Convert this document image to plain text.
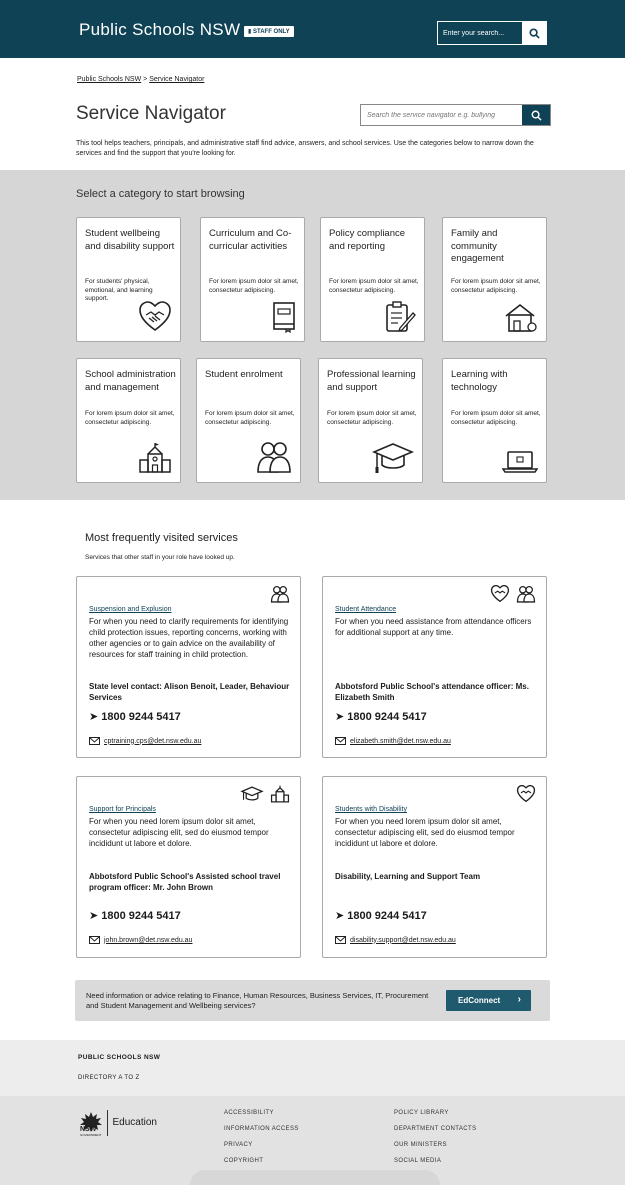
Public Schools NSW	▮ STAFF ONLY
Enter your search...
Public Schools NSW > Service Navigator
Service Navigator
Search the service navigator e.g. bullying
This tool helps teachers, principals, and administrative staff find advice, answers, and school services. Use the categories below to narrow down the services and find the support that you're looking for.
Select a category to start browsing
Student wellbeing and disability support
For students' physical, emotional, and learning support.
Curriculum and Co-curricular activities
For lorem ipsum dolor sit amet, consectetur adipiscing.
Policy compliance and reporting
For lorem ipsum dolor sit amet, consectetur adipiscing.
Family and community engagement
For lorem ipsum dolor sit amet, consectetur adipiscing.
School administration and management
For lorem ipsum dolor sit amet, consectetur adipiscing.
Student enrolment
For lorem ipsum dolor sit amet, consectetur adipiscing.
Professional learning and support
For lorem ipsum dolor sit amet, consectetur adipiscing.
Learning with technology
For lorem ipsum dolor sit amet, consectetur adipiscing.
Most frequently visited services
Services that other staff in your role have looked up.
Suspension and Explusion
For when you need to clarify requirements for identifying child protection issues, reporting concerns, working with other agencies or to gain advice on the availability of resources for staff training in child protection.
State level contact: Alison Benoit, Leader, Behaviour Services
➤ 1800 9244 5417
cptraining.cps@det.nsw.edu.au
Student Attendance
For when you need assistance from attendance officers for additional support at any time.
Abbotsford Public School's attendance officer: Ms. Elizabeth Smith
➤ 1800 9244 5417
elizabeth.smith@det.nsw.edu.au
Support for Principals
For when you need lorem ipsum dolor sit amet, consectetur adipiscing elit, sed do eiusmod tempor incididunt ut labore et dolore.
Abbotsford Public School's Assisted school travel program officer: Mr. John Brown
➤ 1800 9244 5417
john.brown@det.nsw.edu.au
Students with Disability
For when you need lorem ipsum dolor sit amet, consectetur adipiscing elit, sed do eiusmod tempor incididunt ut labore et dolore.
Disability, Learning and Support Team
➤ 1800 9244 5417
disability.support@det.nsw.edu.au
Need information or advice relating to Finance, Human Resources, Business Services, IT, Procurement and Student Management and Wellbeing services?
EdConnect ›
PUBLIC SCHOOLS NSW
DIRECTORY A TO Z
NSW
GOVERNMENT
Education
ACCESSIBILITY
INFORMATION ACCESS
PRIVACY
COPYRIGHT
POLICY LIBRARY
DEPARTMENT CONTACTS
OUR MINISTERS
SOCIAL MEDIA
